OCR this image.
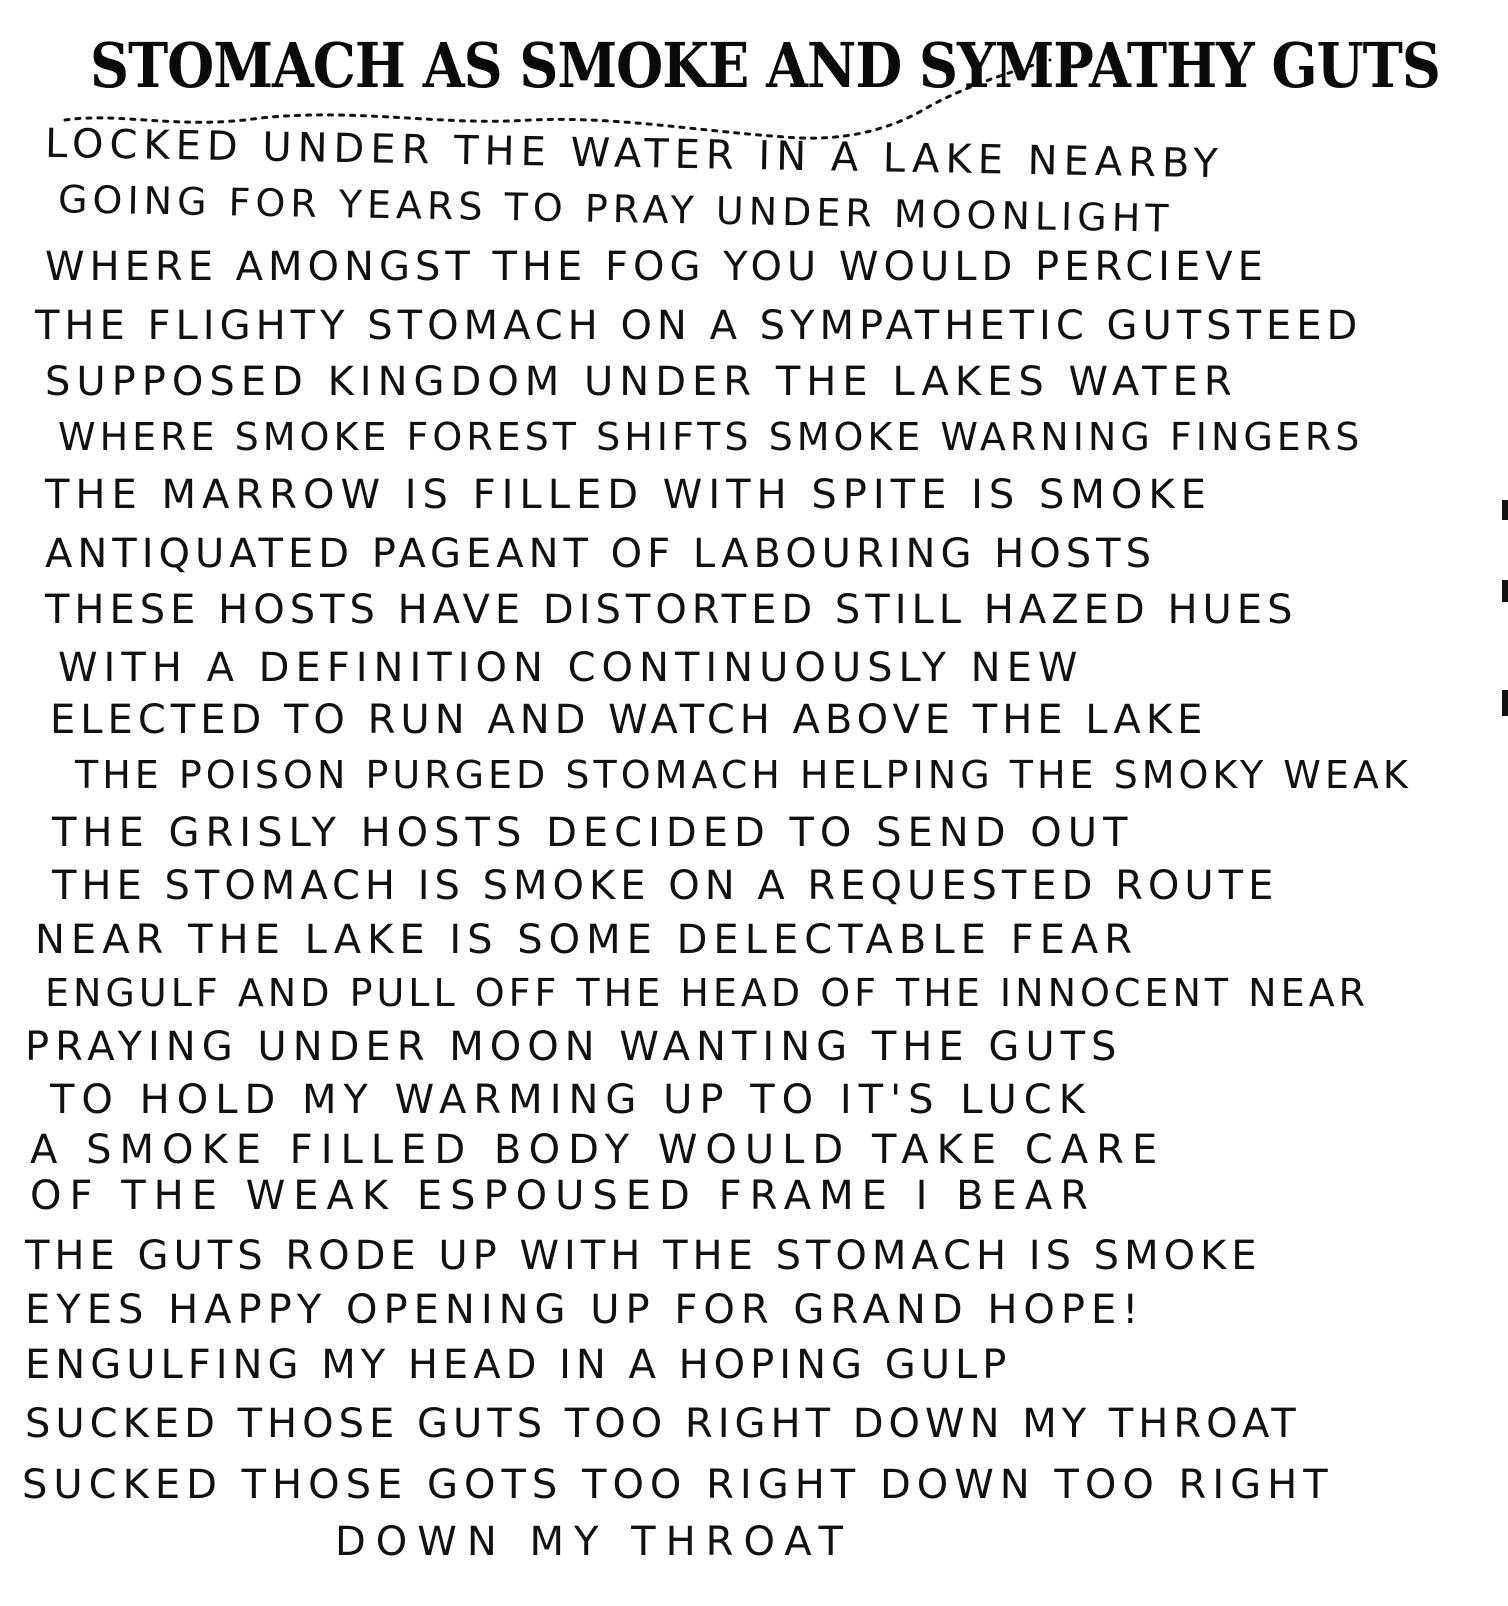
STOMACH AS SMOKE AND SYMPATHY GUTS
LOCKED UNDER THE WATER IN A LAKE NEARBY
GOING FOR YEARS TO PRAY UNDER MOONLIGHT
WHERE AMONGST THE FOG YOU WOULD PERCIEVE
THE FLIGHTY STOMACH ON A SYMPATHETIC GUTSTEED
SUPPOSED KINGDOM UNDER THE LAKES WATER
WHERE SMOKE FOREST SHIFTS SMOKE WARNING FINGERS
THE MARROW IS FILLED WITH SPITE IS SMOKE
ANTIQUATED PAGEANT OF LABOURING HOSTS
THESE HOSTS HAVE DISTORTED STILL HAZED HUES
WITH A DEFINITION CONTINUOUSLY NEW
ELECTED TO RUN AND WATCH ABOVE THE LAKE
THE POISON PURGED STOMACH HELPING THE SMOKY WEAK
THE GRISLY HOSTS DECIDED TO SEND OUT
THE STOMACH IS SMOKE ON A REQUESTED ROUTE
NEAR THE LAKE IS SOME DELECTABLE FEAR
ENGULF AND PULL OFF THE HEAD OF THE INNOCENT NEAR
PRAYING UNDER MOON WANTING THE GUTS
TO HOLD MY WARMING UP TO IT'S LUCK
A SMOKE FILLED BODY WOULD TAKE CARE
OF THE WEAK ESPOUSED FRAME I BEAR
THE GUTS RODE UP WITH THE STOMACH IS SMOKE
EYES HAPPY OPENING UP FOR GRAND HOPE!
ENGULFING MY HEAD IN A HOPING GULP
SUCKED THOSE GUTS TOO RIGHT DOWN MY THROAT
SUCKED THOSE GOTS TOO RIGHT DOWN TOO RIGHT
DOWN MY THROAT
